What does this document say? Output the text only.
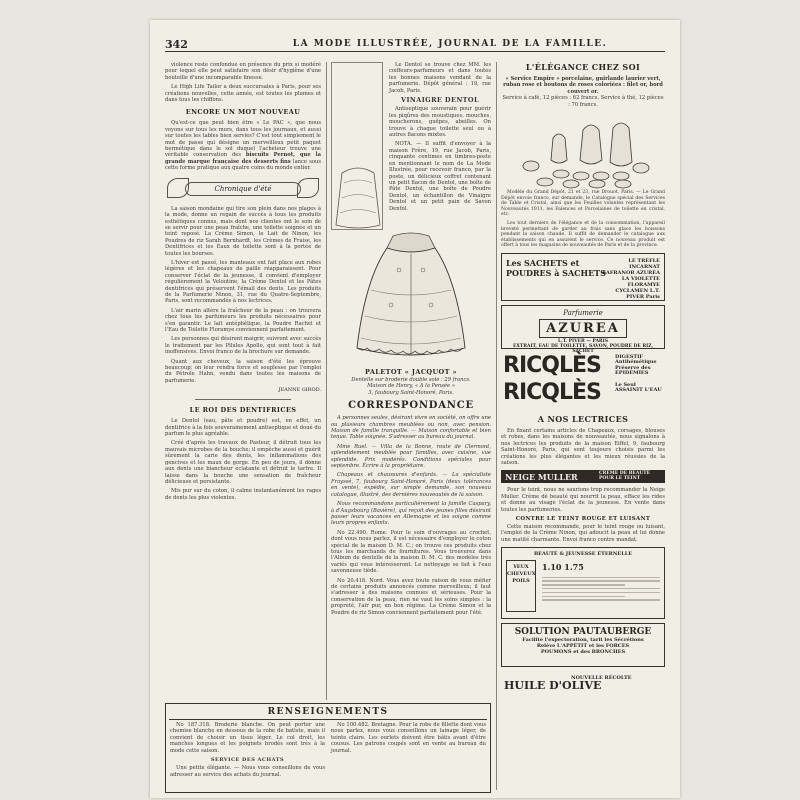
342	LA MODE ILLUSTRÉE, JOURNAL DE LA FAMILLE.

violence reste confondue en présence du prix si modéré pour lequel elle peut satisfaire son désir d'hygiène d'une bouteille d'une incomparable finesse.

Le High Life Tailor a deux succursales à Paris, pour ses créations nouvelles, cette année, est toutes les plumes et dans tous les chiffons.

ENCORE UN MOT NOUVEAU

Qu'est-ce que peut bien être « Le PAC », que nous voyons sur tous les murs, dans tous les journaux, et aussi sur toutes les tables bien servies? C'est tout simplement le mot de passe qui désigne un merveilleux petit paquet hermétique dans le sol duquel l'acheteur trouve une véritable conservation des biscuits Pernot, que la grande marque française des desserts fins lance sous cette forme pratique aux quatre coins du monde entier.

Chronique d'été

La saison mondaine qui tire son plein dans nos plages à la mode, donne un regain de succès à tous les produits esthétiques connus, mais dont nos clientes ont le soin de se servir pour une peau fraîche, une toilette soignée et un teint reposé. La Crème Simon, le Lait de Ninon, les Poudres de riz Sarah Bernhardt, les Crèmes de Fraise, les Dentifrices et les Eaux de toilette sont à la portée de toutes les bourses.

L'hiver est passé, les manteaux ont fait place aux robes légères et les chapeaux de paille réapparaissent. Pour conserver l'éclat de la jeunesse, il convient d'employer régulièrement la Veloutine, la Crème Dentol et les Pâtes dentifrices qui préservent l'émail des dents. Les produits de la Parfumerie Ninon, 31, rue du Quatre-Septembre, Paris, sont recommandés à nos lectrices.

L'air marin altère la fraîcheur de la peau : on trouvera chez tous les parfumeurs les produits nécessaires pour s'en garantir. Le lait antéphélique, la Poudre Rachel et l'Eau de Toilette Floramye conviennent parfaitement.

Les personnes qui désirent maigrir, suivront avec succès le traitement par les Pilules Apollo, qui sont tout à fait inoffensives. Envoi franco de la brochure sur demande.

Quant aux cheveux, la saison d'été les éprouve beaucoup; on leur rendra force et souplesse par l'emploi du Pétrole Hahn, vendu dans toutes les maisons de parfumerie.

JEANNE GIROD.
LE ROI DES DENTIFRICES

Le Dentol (eau, pâte et poudre) est, en effet, un dentifrice à la fois souverainement antiseptique et doué du parfum le plus agréable.

Créé d'après les travaux de Pasteur, il détruit tous les mauvais microbes de la bouche; il empêche aussi et guérit sûrement la carie des dents, les inflammations des gencives et les maux de gorge. En peu de jours, il donne aux dents une blancheur éclatante et détruit le tartre. Il laisse dans la bouche une sensation de fraîcheur délicieuse et persistante.

Mis pur sur du coton, il calme instantanément les rages de dents les plus violentes.

Le Dentol se trouve chez MM. les coiffeurs-parfumeurs et dans toutes les bonnes maisons vendant de la parfumerie. Dépôt général : 19, rue Jacob, Paris.

VINAIGRE DENTOL

Antiseptique souverain pour guérir les piqûres des moustiques, mouches, moucherons, guêpes, abeilles. On trouve à chaque toilette seul ou à autres flacons mixtes.

NOTA. — Il suffit d'envoyer à la maison Frère, 19, rue Jacob, Paris, cinquante centimes en timbres-poste en mentionnant le nom de La Mode Illustrée, pour recevoir franco, par la poste, un délicieux coffret contenant un petit flacon de Dentol, une boîte de Pâte Dentol, une boîte de Poudre Dentol, un échantillon de Vinaigre Dentol et un petit pain de Savon Dentol.

PALETOT « JACQUOT »
Dentelle sur broderie double soie : 29 francs.
Maison de Henry, « A la Pensée »
3, faubourg Saint-Honoré, Paris.
CORRESPONDANCE

A personnes seules, désirant vivre en société, on offre une ou plusieurs chambres meublées ou non, avec pension. Maison de famille tranquille. — Maison confortable et bien tenue. Table soignée. S'adresser au bureau du journal.

Mme Ruel. — Villa de la Bonne, route de Clermont, splendidement meublée pour familles, avec cuisine, vue splendide. Prix modérés. Conditions spéciales pour septembre. Écrire à la propriétaire.

Chapeaux et chaussures d'enfants. — La spécialiste Frayssé, 7, faubourg Saint-Honoré, Paris (deux tolérances en vente), expédie, sur simple demande, son nouveau catalogue, illustré, des dernières nouveautés de la saison.

Nous recommandons particulièrement la famille Caspary, à d'Augsbourg (Bavière), qui reçoit des jeunes filles désirant passer leurs vacances en Allemagne et les soigne comme leurs propres enfants.

No 22.490. Rome. Pour le soin d'ouvrages au crochet, dont vous nous parlez, il est nécessaire d'employer le coton spécial de la maison D. M. C.; on trouve ces produits chez tous les marchands de fournitures. Vous trouverez dans l'Album de dentelle de la maison D. M. C. des modèles très variés qui vous intéresseront. Le nettoyage se fait à l'eau savonneuse tiède.

No 20.418. Nord. Vous avez toute raison de vous méfier de certains produits annoncés comme merveilleux; il faut s'adresser à des maisons connues et sérieuses. Pour la conservation de la peau, rien ne vaut les soins simples : la propreté, l'air pur, un bon régime. La Crème Simon et la Poudre de riz Simon conviennent parfaitement pour l'été.

L'ÉLÉGANCE CHEZ SOI
« Service Empire » porcelaine, guirlande laurier vert, ruban rose et boutons de roses coloriées : filet or, bord couvert or.
Service à café, 12 pièces : 62 francs. Service à thé, 12 pièces : 70 francs.

Modèle du Grand Dépôt, 21 et 23, rue Drouot, Paris. — Le Grand Dépôt envoie franco, sur demande, le Catalogue spécial des Services de Table et Cristal, ainsi que les Feuilles volantes représentant les Nouveautés 1911, les Faïences et Porcelaines de toilette en cristal, etc.

Les tout derniers de l'élégance et de la consommation, l'appareil breveté permettant de garder au frais sans glace les boissons pendant la saison chaude. Il suffit de demander le catalogue aux établissements qui en assurent le service. Ce nouveau produit est offert à tous les magasins de nouveautés de Paris et de la province.

Les SACHETS et
POUDRES à SACHETS
LE TRÈFLE INCARNAT SAFRANOR AZURÉA LA VIOLETTE FLORAMYE CYCLAMEN L.T. PIVER Paris
Parfumerie
AZUREA
L.T. PIVER — PARIS
EXTRAIT, EAU DE TOILETTE, SAVON, POUDRE DE RIZ, SACHET
RICQLÈS
RICQLÈS
DIGESTIF Antihémétique Préserve des ÉPIDÉMIES
Le Seul ASSAINIT L'EAU
A NOS LECTRICES

En fixant certains articles de Chapeaux, corsages, blouses et robes, dans les maisons de nouveautés, nous signalons à nos lectrices les produits de la maison Eiffel, 9, faubourg Saint-Honoré, Paris, qui sont toujours choisis parmi les créations les plus élégantes et les mieux réussies de la saison.

NEIGE MULLER	CRÈME DE BEAUTÉ POUR LE TEINT

Pour le teint, nous ne saurions trop recommander la Neige Muller. Crème de beauté qui nourrit la peau, efface les rides et donne au visage l'éclat de la jeunesse. En vente dans toutes les parfumeries.

CONTRE LE TEINT ROUGE ET LUISANT

Cette maison recommande, pour le teint rouge ou luisant, l'emploi de la Crème Ninon, qui adoucit la peau et lui donne une matité charmante. Envoi franco contre mandat.

BEAUTÉ & JEUNESSE ÉTERNELLE
YEUX CHEVEUX POILS
1.10 1.75
SOLUTION PAUTAUBERGE
Facilite l'expectoration, tarit les Sécrétions
Relève L'APPÉTIT et les FORCES
POUMONS et des BRONCHES
HUILE D'OLIVE
NOUVELLE RÉCOLTE
RENSEIGNEMENTS

No 187.318. Broderie blanche. On peut porter une chemise blanche en dessous de la robe de batiste, mais il convient de choisir un tissu léger. Le col droit, les manches longues et les poignets brodés sont très à la mode cette saison.

SERVICE DES ACHATS

Une petite élégante. — Nous vous conseillons de vous adresser au service des achats du journal.

No 100.482. Bretagne. Pour la robe de fillette dont vous nous parlez, nous vous conseillons un lainage léger, de teinte claire. Les ourlets doivent être bâtis avant d'être cousus. Les patrons coupés sont en vente au bureau du journal.
